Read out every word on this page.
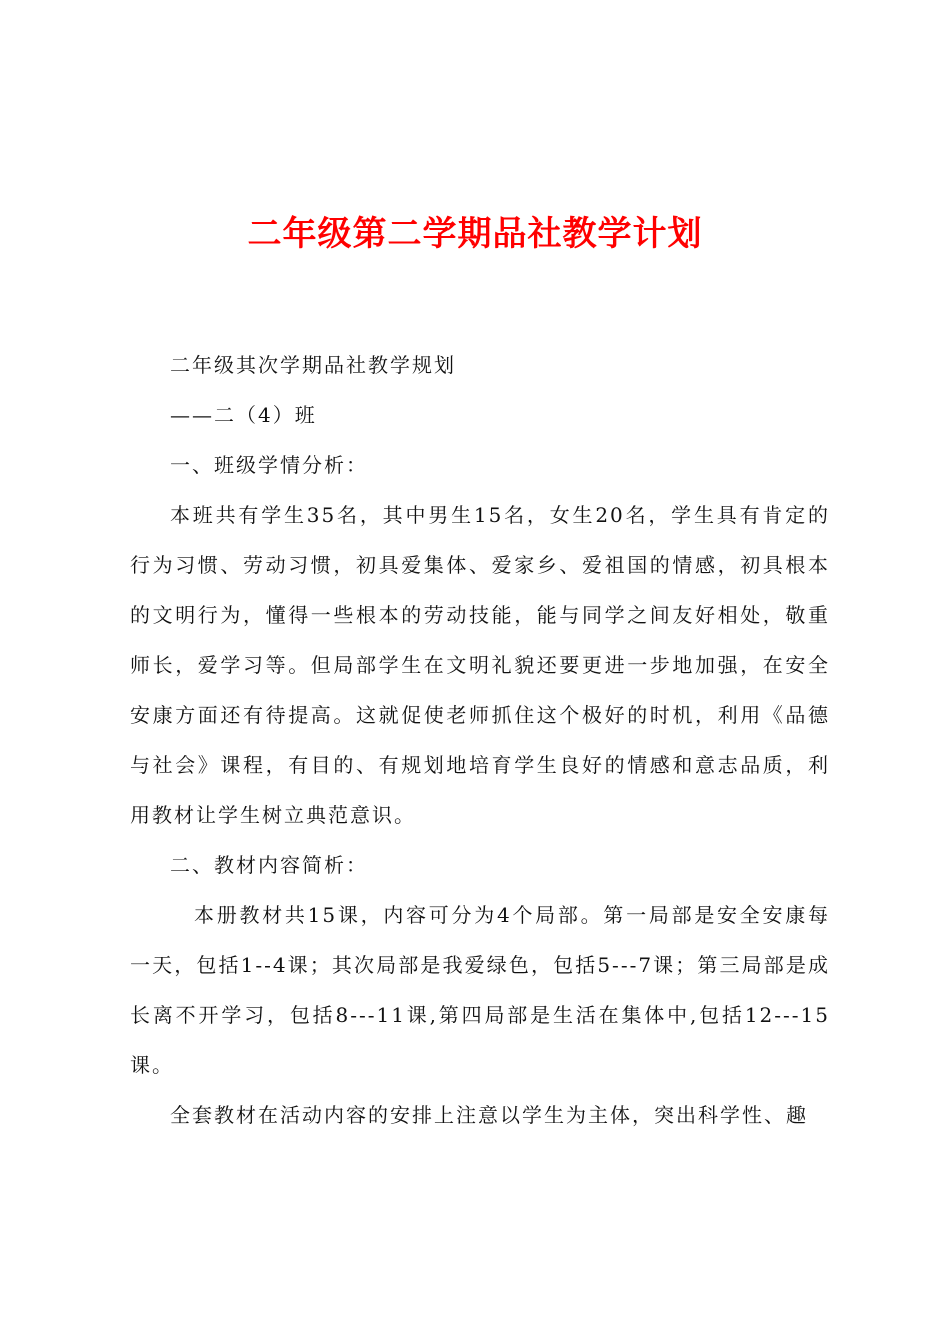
二年级第二学期品社教学计划

二年级其次学期品社教学规划

——二（4）班

一、班级学情分析：

本班共有学生35名，其中男生15名，女生20名，学生具有肯定的行为习惯、劳动习惯，初具爱集体、爱家乡、爱祖国的情感，初具根本的文明行为，懂得一些根本的劳动技能，能与同学之间友好相处，敬重师长，爱学习等。但局部学生在文明礼貌还要更进一步地加强，在安全安康方面还有待提高。这就促使老师抓住这个极好的时机，利用《品德与社会》课程，有目的、有规划地培育学生良好的情感和意志品质，利用教材让学生树立典范意识。

二、教材内容简析：

本册教材共15课，内容可分为4个局部。第一局部是安全安康每一天，包括1--4课；其次局部是我爱绿色，包括5---7课；第三局部是成长离不开学习，包括8---11课,第四局部是生活在集体中,包括12---15课。

全套教材在活动内容的安排上注意以学生为主体，突出科学性、趣
